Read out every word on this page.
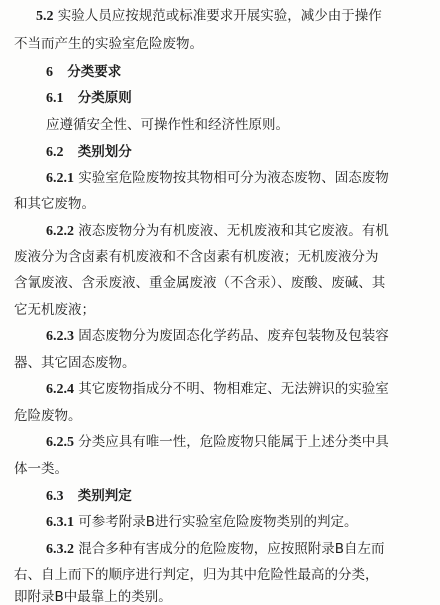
5.2 实验人员应按规范或标准要求开展实验，减少由于操作
不当而产生的实验室危险废物。
6 分类要求
6.1 分类原则
应遵循安全性、可操作性和经济性原则。
6.2 类别划分
6.2.1 实验室危险废物按其物相可分为液态废物、固态废物
和其它废物。
6.2.2 液态废物分为有机废液、无机废液和其它废液。有机
废液分为含卤素有机废液和不含卤素有机废液；无机废液分为
含氰废液、含汞废液、重金属废液（不含汞）、废酸、废碱、其
它无机废液；
6.2.3 固态废物分为废固态化学药品、废弃包装物及包装容
器、其它固态废物。
6.2.4 其它废物指成分不明、物相难定、无法辨识的实验室
危险废物。
6.2.5 分类应具有唯一性，危险废物只能属于上述分类中具
体一类。
6.3 类别判定
6.3.1 可参考附录B进行实验室危险废物类别的判定。
6.3.2 混合多种有害成分的危险废物，应按照附录B自左而
右、自上而下的顺序进行判定，归为其中危险性最高的分类，
即附录B中最靠上的类别。
